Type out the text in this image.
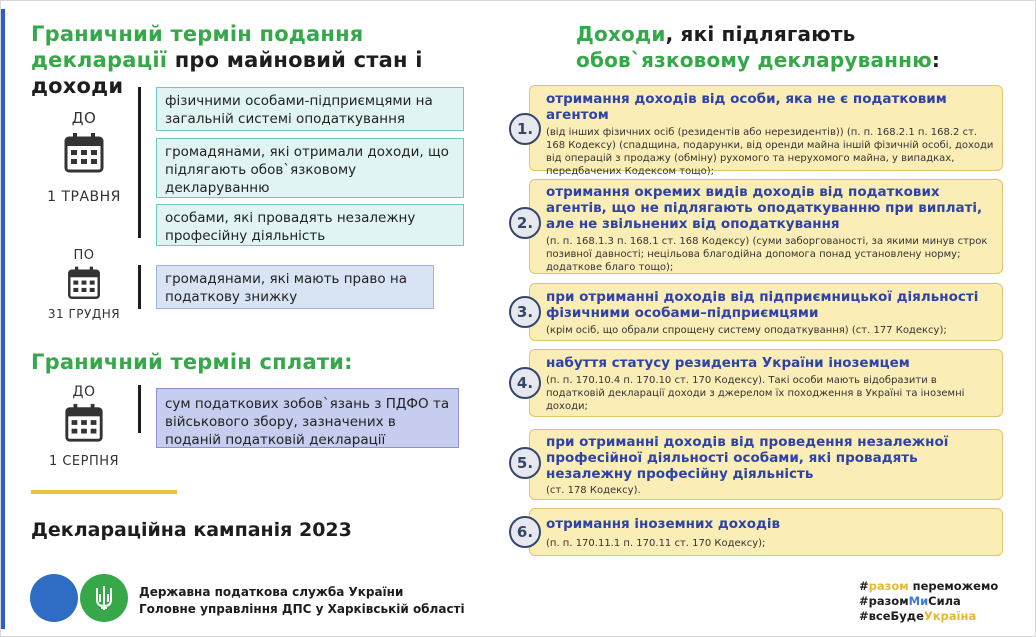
Граничний термін подання
декларації про майновий стан і доходи
ДО
1 ТРАВНЯ
фізичними особами-підприємцями на загальній системі оподаткування
громадянами, які отримали доходи, що підлягають обов`язковому декларуванню
особами, які провадять незалежну професійну діяльність
ПО
31 ГРУДНЯ
громадянами, які мають право на податкову знижку
Граничний термін сплати:
ДО
1 СЕРПНЯ
сум податкових зобов`язань з ПДФО та військового збору, зазначених в поданій податковій декларації
Декларaційна кампанія 2023
Державна податкова служба України
Головне управління ДПС у Харківській області
Доходи, які підлягають
обов`язковому декларуванню:
отримання доходів від особи, яка не є податковим агентом
(від інших фізичних осіб (резидентів або нерезидентів)) (п. п. 168.2.1 п. 168.2 ст. 168 Кодексу) (спадщина, подарунки, від оренди майна іншій фізичній особі, доходи від операцій з продажу (обміну) рухомого та нерухомого майна, у випадках, передбачених Кодексом тощо);
1.
отримання окремих видів доходів від податкових агентів, що не підлягають оподаткуванню при виплаті, але не звільнених від оподаткування
(п. п. 168.1.3 п. 168.1 ст. 168 Кодексу) (суми заборгованості, за якими минув строк позивної давності; нецільова благодійна допомога понад установлену норму; додаткове благо тощо);
2.
при отриманні доходів від підприємницької діяльності фізичними особами–підприємцями
(крім осіб, що обрали спрощену систему оподаткування) (ст. 177 Кодексу);
3.
набуття статусу резидента України іноземцем
(п. п. 170.10.4 п. 170.10 ст. 170 Кодексу). Такі особи мають відобразити в податковій декларації доходи з джерелом їх походження в Україні та іноземні доходи;
4.
при отриманні доходів від проведення незалежної професійної діяльності особами, які провадять незалежну професійну діяльність
(ст. 178 Кодексу).
5.
отримання іноземних доходів
(п. п. 170.11.1 п. 170.11 ст. 170 Кодексу);
6.
#разом переможемо
#разомМиСила
#всеБудеУкраїна
